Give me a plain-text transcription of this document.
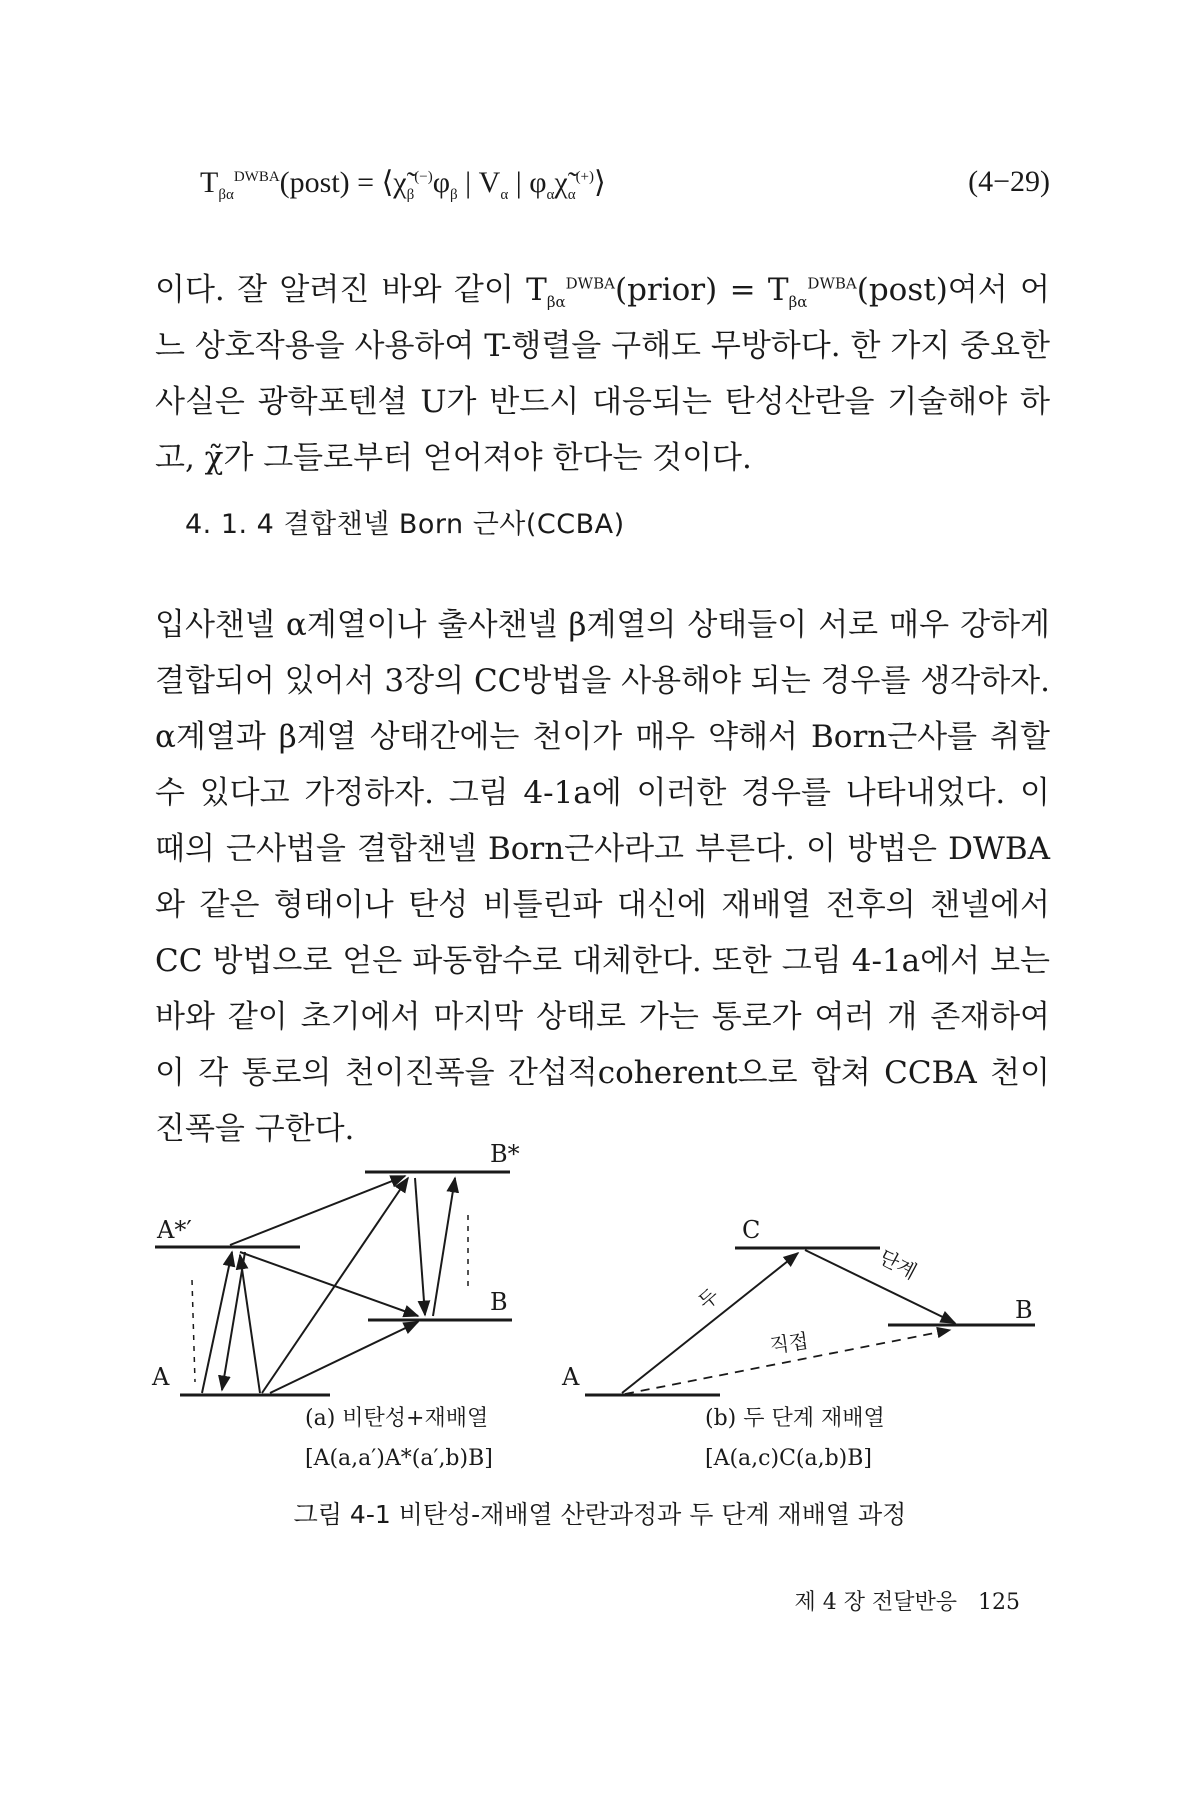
$T_{\beta\alpha}^{DWBA}(post)$ = $⟨\chĩ_\beta^{(-)}\varphi_\beta$ | $V_\alpha$ | $\varphi_\alpha\chĩ_\alpha^{(+)}⟩$	(4−29)

이다. 잘 알려진 바와 같이 $T_{\beta\alpha}^{DWBA}(prior)$ = $T_{\beta\alpha}^{DWBA}(post)$여서 어느 상호작용을 사용하여 T-행렬을 구해도 무방하다. 한 가지 중요한 사실은 광학포텐셜 U가 반드시 대응되는 탄성산란을 기술해야 하고, χ̃가 그들로부터 얻어져야 한다는 것이다.

4. 1. 4 결합챈넬 Born 근사(CCBA)

입사챈넬 α계열이나 출사챈넬 β계열의 상태들이 서로 매우 강하게 결합되어 있어서 3장의 CC방법을 사용해야 되는 경우를 생각하자. α계열과 β계열 상태간에는 천이가 매우 약해서 Born근사를 취할 수 있다고 가정하자. 그림 4-1a에 이러한 경우를 나타내었다. 이 때의 근사법을 결합챈넬 Born근사라고 부른다. 이 방법은 DWBA와 같은 형태이나 탄성 비틀린파 대신에 재배열 전후의 챈넬에서 CC 방법으로 얻은 파동함수로 대체한다. 또한 그림 4-1a에서 보는 바와 같이 초기에서 마지막 상태로 가는 통로가 여러 개 존재하여 이 각 통로의 천이진폭을 간섭적coherent으로 합쳐 CCBA 천이진폭을 구한다.

A*′
B*
B
A
(a) 비탄성+재배열
[A(a,a′)A*(a′,b)B]
C
B
A
두
단계
직접
(b) 두 단계 재배열
[A(a,c)C(a,b)B]

그림 4-1 비탄성-재배열 산란과정과 두 단계 재배열 과정

제 4 장 전달반응 125
